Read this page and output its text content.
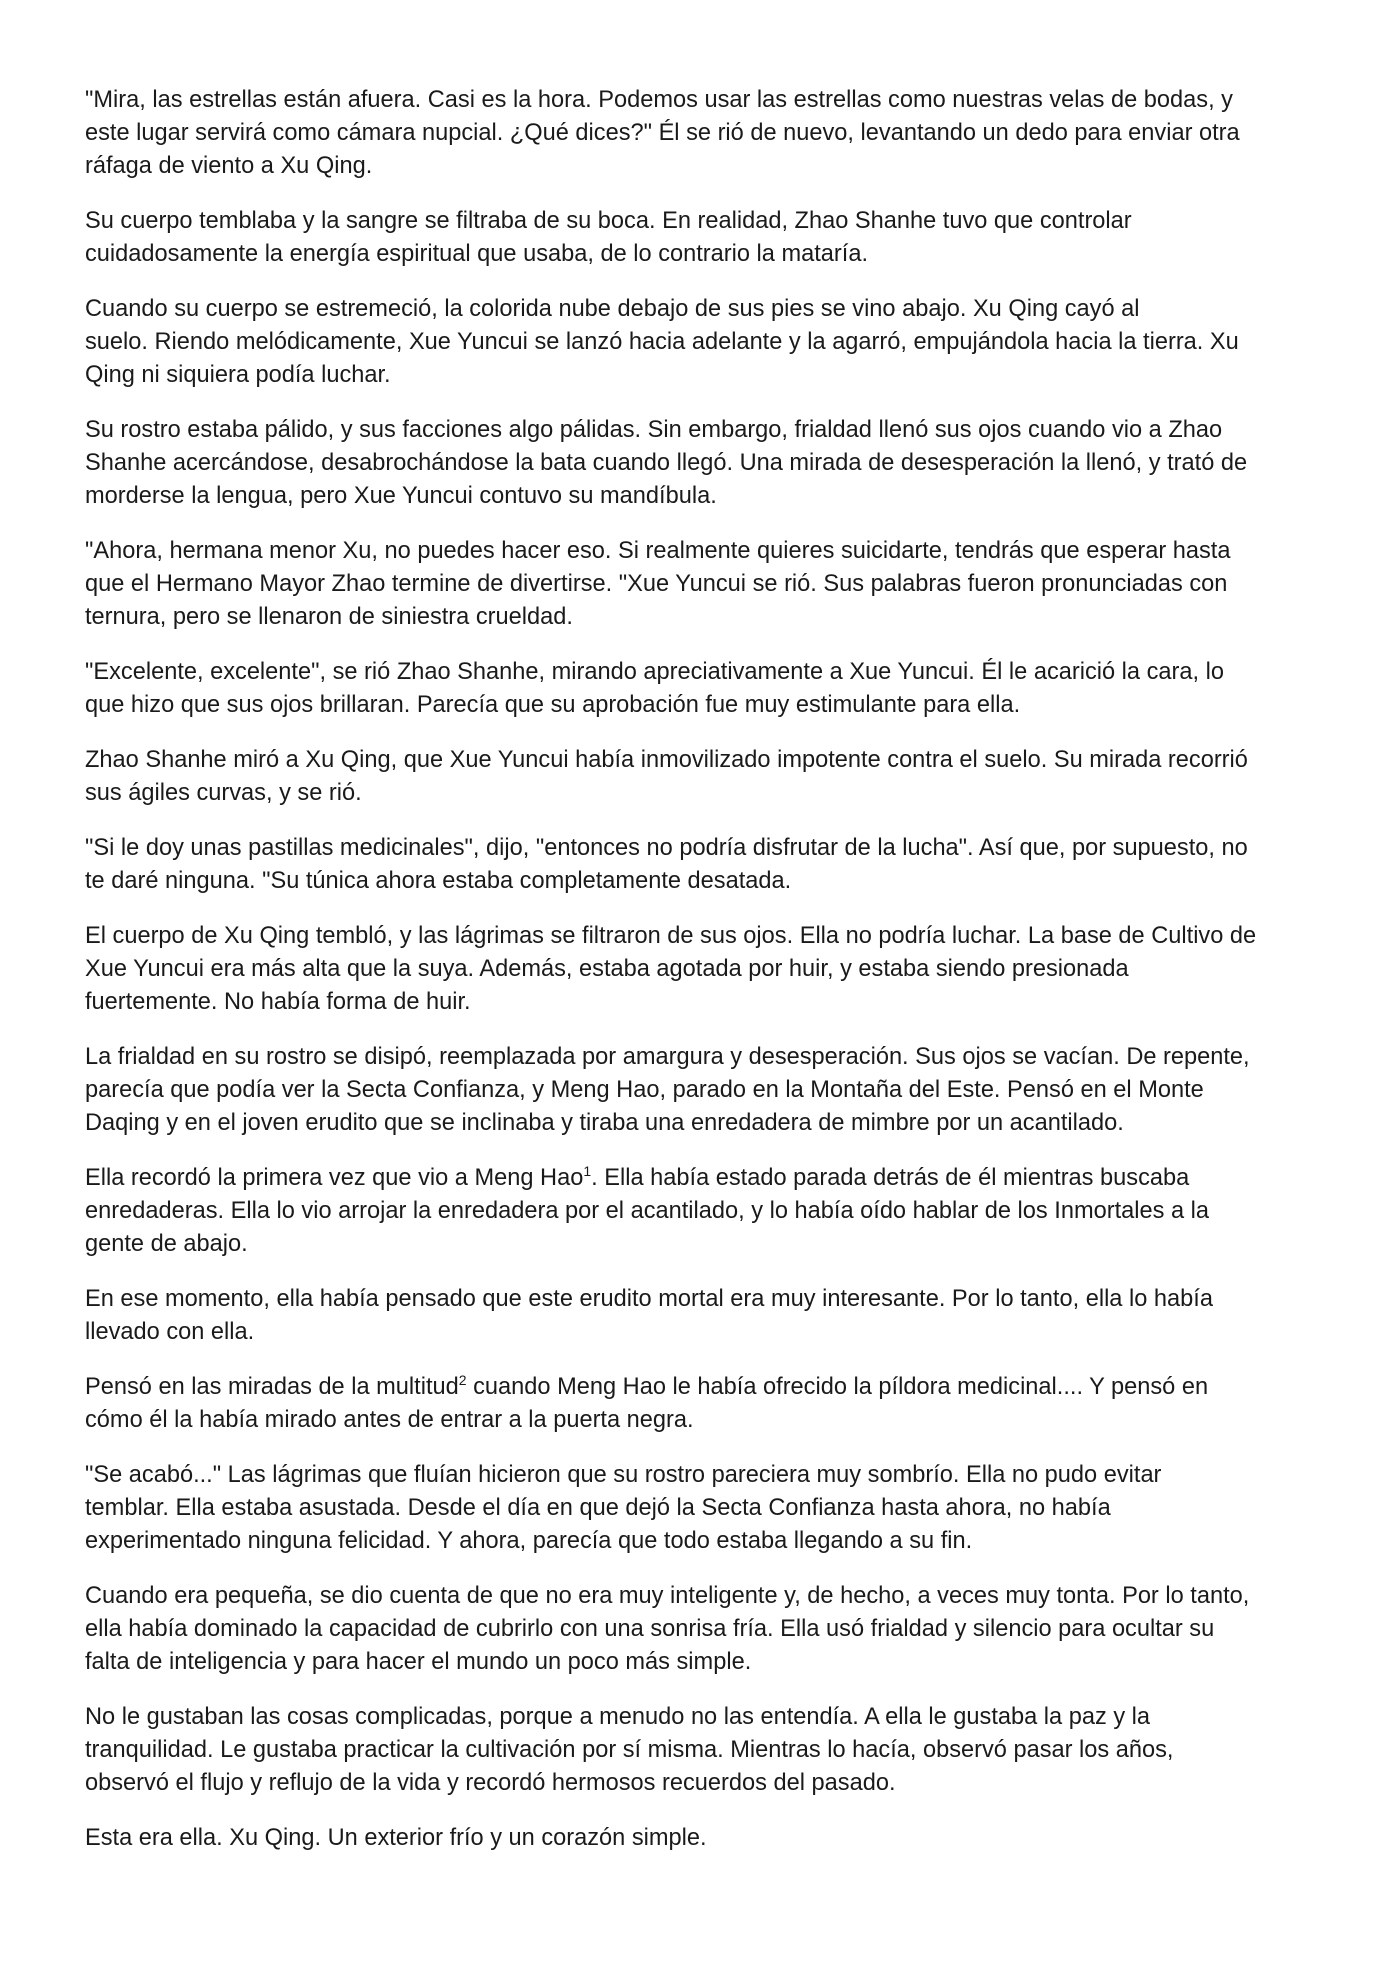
"Mira, las estrellas están afuera. Casi es la hora. Podemos usar las estrellas como nuestras velas de bodas, y
este lugar servirá como cámara nupcial. ¿Qué dices?" Él se rió de nuevo, levantando un dedo para enviar otra
ráfaga de viento a Xu Qing.

Su cuerpo temblaba y la sangre se filtraba de su boca. En realidad, Zhao Shanhe tuvo que controlar
cuidadosamente la energía espiritual que usaba, de lo contrario la mataría.

Cuando su cuerpo se estremeció, la colorida nube debajo de sus pies se vino abajo. Xu Qing cayó al
suelo. Riendo melódicamente, Xue Yuncui se lanzó hacia adelante y la agarró, empujándola hacia la tierra. Xu
Qing ni siquiera podía luchar.

Su rostro estaba pálido, y sus facciones algo pálidas. Sin embargo, frialdad llenó sus ojos cuando vio a Zhao
Shanhe acercándose, desabrochándose la bata cuando llegó. Una mirada de desesperación la llenó, y trató de
morderse la lengua, pero Xue Yuncui contuvo su mandíbula.

"Ahora, hermana menor Xu, no puedes hacer eso. Si realmente quieres suicidarte, tendrás que esperar hasta
que el Hermano Mayor Zhao termine de divertirse. "Xue Yuncui se rió. Sus palabras fueron pronunciadas con
ternura, pero se llenaron de siniestra crueldad.

"Excelente, excelente", se rió Zhao Shanhe, mirando apreciativamente a Xue Yuncui. Él le acarició la cara, lo
que hizo que sus ojos brillaran. Parecía que su aprobación fue muy estimulante para ella.

Zhao Shanhe miró a Xu Qing, que Xue Yuncui había inmovilizado impotente contra el suelo. Su mirada recorrió
sus ágiles curvas, y se rió.

"Si le doy unas pastillas medicinales", dijo, "entonces no podría disfrutar de la lucha". Así que, por supuesto, no
te daré ninguna. "Su túnica ahora estaba completamente desatada.

El cuerpo de Xu Qing tembló, y las lágrimas se filtraron de sus ojos. Ella no podría luchar. La base de Cultivo de
Xue Yuncui era más alta que la suya. Además, estaba agotada por huir, y estaba siendo presionada
fuertemente. No había forma de huir.

La frialdad en su rostro se disipó, reemplazada por amargura y desesperación. Sus ojos se vacían. De repente,
parecía que podía ver la Secta Confianza, y Meng Hao, parado en la Montaña del Este. Pensó en el Monte
Daqing y en el joven erudito que se inclinaba y tiraba una enredadera de mimbre por un acantilado.

Ella recordó la primera vez que vio a Meng Hao$^1$. Ella había estado parada detrás de él mientras buscaba
enredaderas. Ella lo vio arrojar la enredadera por el acantilado, y lo había oído hablar de los Inmortales a la
gente de abajo.

En ese momento, ella había pensado que este erudito mortal era muy interesante. Por lo tanto, ella lo había
llevado con ella.

Pensó en las miradas de la multitud$^2$ cuando Meng Hao le había ofrecido la píldora medicinal.... Y pensó en
cómo él la había mirado antes de entrar a la puerta negra.

"Se acabó..." Las lágrimas que fluían hicieron que su rostro pareciera muy sombrío. Ella no pudo evitar
temblar. Ella estaba asustada. Desde el día en que dejó la Secta Confianza hasta ahora, no había
experimentado ninguna felicidad. Y ahora, parecía que todo estaba llegando a su fin.

Cuando era pequeña, se dio cuenta de que no era muy inteligente y, de hecho, a veces muy tonta. Por lo tanto,
ella había dominado la capacidad de cubrirlo con una sonrisa fría. Ella usó frialdad y silencio para ocultar su
falta de inteligencia y para hacer el mundo un poco más simple.

No le gustaban las cosas complicadas, porque a menudo no las entendía. A ella le gustaba la paz y la
tranquilidad. Le gustaba practicar la cultivación por sí misma. Mientras lo hacía, observó pasar los años,
observó el flujo y reflujo de la vida y recordó hermosos recuerdos del pasado.

Esta era ella. Xu Qing. Un exterior frío y un corazón simple.
